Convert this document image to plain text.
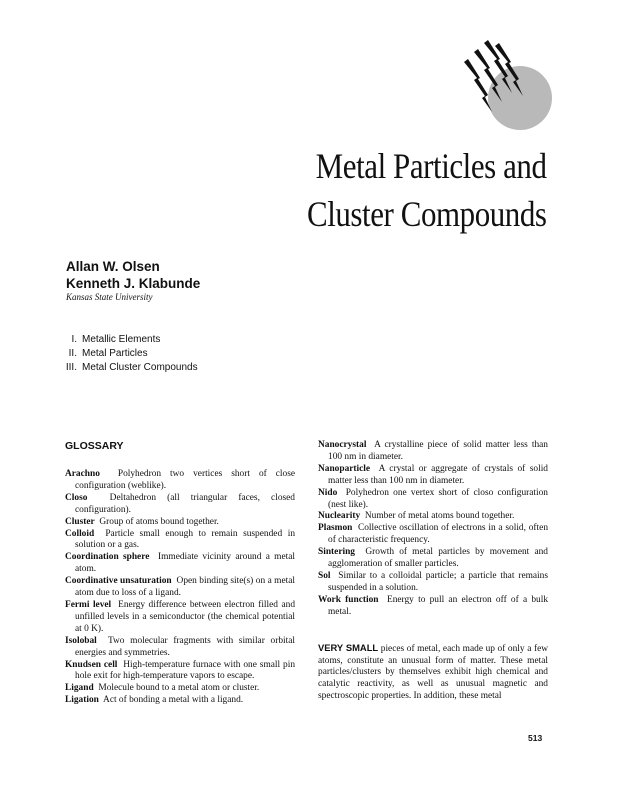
Metal Particles and
Cluster Compounds
Allan W. Olsen
Kenneth J. Klabunde
Kansas State University
I. Metallic Elements
II. Metal Particles
III. Metal Cluster Compounds
GLOSSARY
Arachno Polyhedron two vertices short of close configuration (weblike).
Closo Deltahedron (all triangular faces, closed configuration).
Cluster Group of atoms bound together.
Colloid Particle small enough to remain suspended in solution or a gas.
Coordination sphere Immediate vicinity around a metal atom.
Coordinative unsaturation Open binding site(s) on a metal atom due to loss of a ligand.
Fermi level Energy difference between electron filled and unfilled levels in a semiconductor (the chemical potential at 0 K).
Isolobal Two molecular fragments with similar orbital energies and symmetries.
Knudsen cell High-temperature furnace with one small pin hole exit for high-temperature vapors to escape.
Ligand Molecule bound to a metal atom or cluster.
Ligation Act of bonding a metal with a ligand.
Nanocrystal A crystalline piece of solid matter less than 100 nm in diameter.
Nanoparticle A crystal or aggregate of crystals of solid matter less than 100 nm in diameter.
Nido Polyhedron one vertex short of closo configuration (nest like).
Nuclearity Number of metal atoms bound together.
Plasmon Collective oscillation of electrons in a solid, often of characteristic frequency.
Sintering Growth of metal particles by movement and agglomeration of smaller particles.
Sol Similar to a colloidal particle; a particle that remains suspended in a solution.
Work function Energy to pull an electron off of a bulk metal.
VERY SMALL pieces of metal, each made up of only a few atoms, constitute an unusual form of matter. These metal particles/clusters by themselves exhibit high chemical and catalytic reactivity, as well as unusual magnetic and spectroscopic properties. In addition, these metal
513
